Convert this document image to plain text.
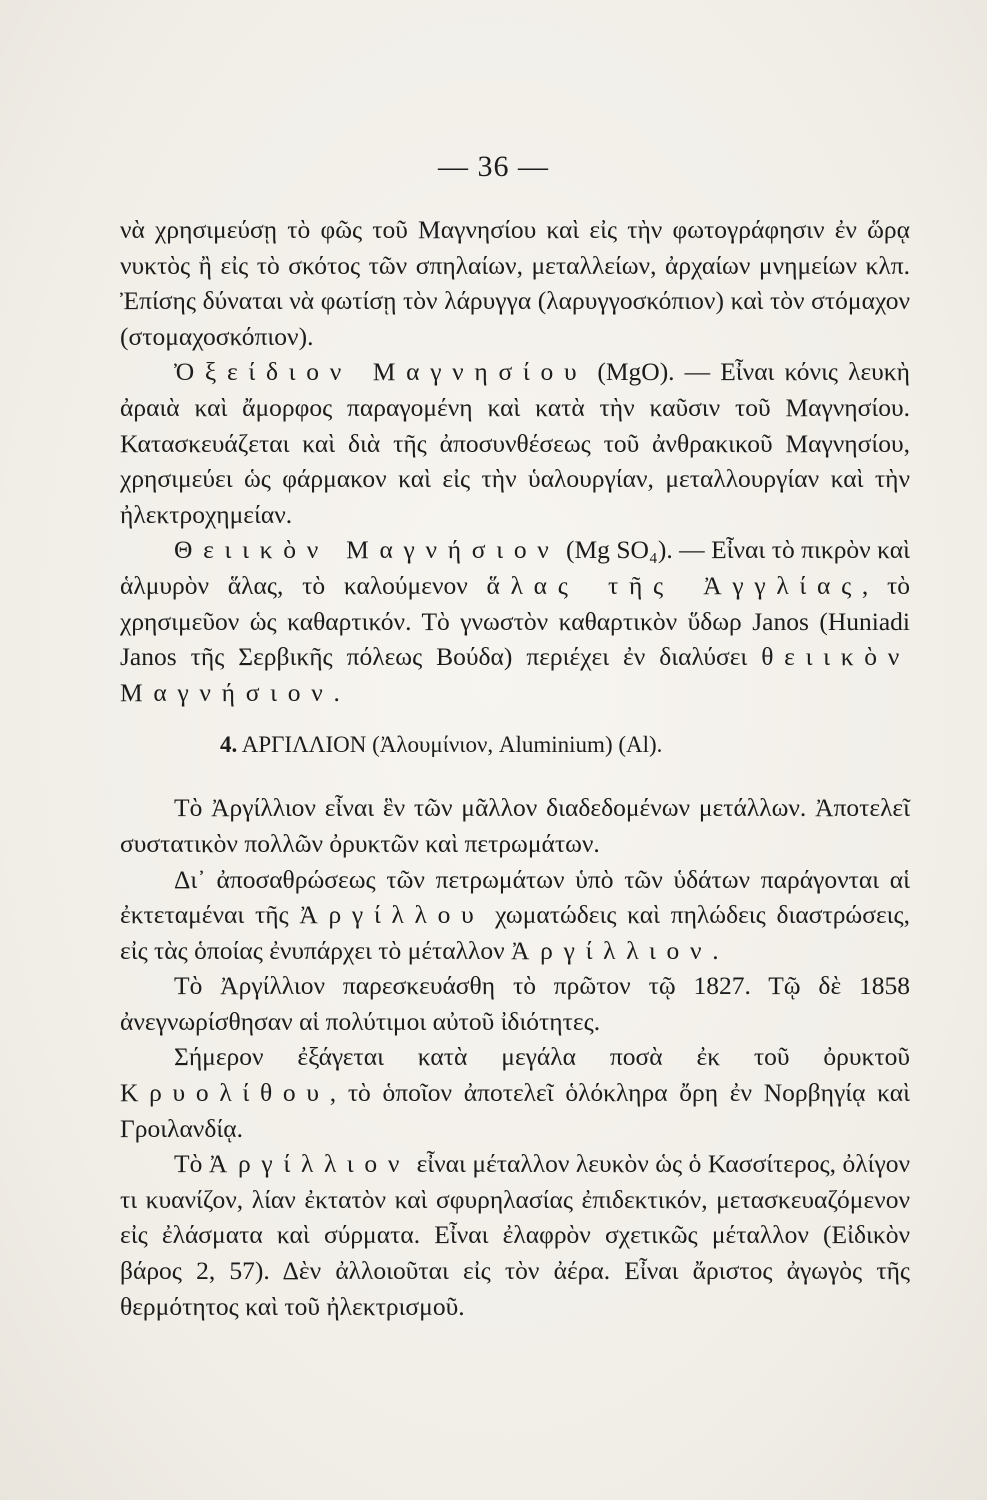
— 36 —

νὰ χρησιμεύσῃ τὸ φῶς τοῦ Μαγνησίου καὶ εἰς τὴν φωτογράφησιν ἐν ὥρᾳ νυκτὸς ἢ εἰς τὸ σκότος τῶν σπηλαίων, μεταλλείων, ἀρχαίων μνημείων κλπ. Ἐπίσης δύναται νὰ φωτίσῃ τὸν λάρυγγα (λαρυγγοσκόπιον) καὶ τὸν στόμαχον (στομαχοσκόπιον).

Ὀξείδιον Μαγνησίου (MgO). — Εἶναι κόνις λευκὴ ἀραιὰ καὶ ἄμορφος παραγομένη καὶ κατὰ τὴν καῦσιν τοῦ Μαγνησίου. Κατασκευάζεται καὶ διὰ τῆς ἀποσυνθέσεως τοῦ ἀνθρακικοῦ Μαγνησίου, χρησιμεύει ὡς φάρμακον καὶ εἰς τὴν ὑαλουργίαν, μεταλλουργίαν καὶ τὴν ἠλεκτροχημείαν.

Θειικὸν Μαγνήσιον (Mg SO₄). — Εἶναι τὸ πικρὸν καὶ ἁλμυρὸν ἅλας, τὸ καλούμενον ἅλας τῆς Ἀγγλίας, τὸ χρησιμεῦον ὡς καθαρτικόν. Τὸ γνωστὸν καθαρτικὸν ὕδωρ Janos (Huniadi Janos τῆς Σερβικῆς πόλεως Βούδα) περιέχει ἐν διαλύσει θειικὸν Μαγνήσιον.

4. ΑΡΓΙΛΛΙΟΝ (Ἀλουμίνιον, Aluminium) (Al).

Τὸ Ἀργίλλιον εἶναι ἓν τῶν μᾶλλον διαδεδομένων μετάλλων. Ἀποτελεῖ συστατικὸν πολλῶν ὀρυκτῶν καὶ πετρωμάτων.

Δι᾿ ἀποσαθρώσεως τῶν πετρωμάτων ὑπὸ τῶν ὑδάτων παράγονται αἱ ἐκτεταμέναι τῆς Ἀργίλλου χωματώδεις καὶ πηλώδεις διαστρώσεις, εἰς τὰς ὁποίας ἐνυπάρχει τὸ μέταλλον Ἀργίλλιον.

Τὸ Ἀργίλλιον παρεσκευάσθη τὸ πρῶτον τῷ 1827. Τῷ δὲ 1858 ἀνεγνωρίσθησαν αἱ πολύτιμοι αὐτοῦ ἰδιότητες.

Σήμερον ἐξάγεται κατὰ μεγάλα ποσὰ ἐκ τοῦ ὀρυκτοῦ Κρυολίθου, τὸ ὁποῖον ἀποτελεῖ ὁλόκληρα ὄρη ἐν Νορβηγίᾳ καὶ Γροιλανδίᾳ.

Τὸ Ἀργίλλιον εἶναι μέταλλον λευκὸν ὡς ὁ Κασσίτερος, ὀλίγον τι κυανίζον, λίαν ἐκτατὸν καὶ σφυρηλασίας ἐπιδεκτικόν, μετασκευαζόμενον εἰς ἐλάσματα καὶ σύρματα. Εἶναι ἐλαφρὸν σχετικῶς μέταλλον (Εἰδικὸν βάρος 2, 57). Δὲν ἀλλοιοῦται εἰς τὸν ἀέρα. Εἶναι ἄριστος ἀγωγὸς τῆς θερμότητος καὶ τοῦ ἠλεκτρισμοῦ.
